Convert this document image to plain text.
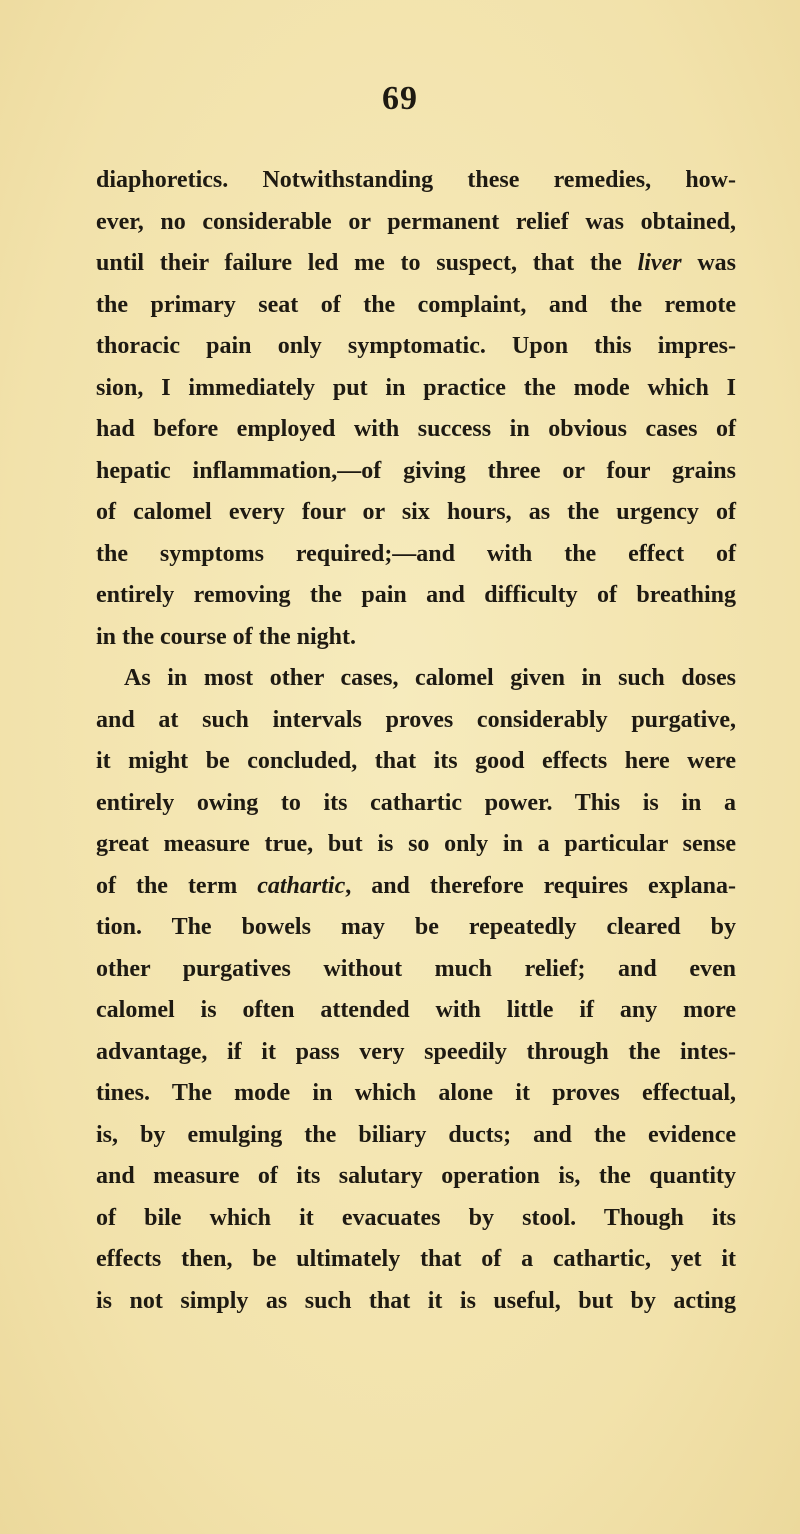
69
diaphoretics. Notwithstanding these remedies, how-
ever, no considerable or permanent relief was obtained,
until their failure led me to suspect, that the liver was
the primary seat of the complaint, and the remote
thoracic pain only symptomatic. Upon this impres-
sion, I immediately put in practice the mode which I
had before employed with success in obvious cases of
hepatic inflammation,—of giving three or four grains
of calomel every four or six hours, as the urgency of
the symptoms required;—and with the effect of
entirely removing the pain and difficulty of breathing
in the course of the night.
As in most other cases, calomel given in such doses
and at such intervals proves considerably purgative,
it might be concluded, that its good effects here were
entirely owing to its cathartic power. This is in a
great measure true, but is so only in a particular sense
of the term cathartic, and therefore requires explana-
tion. The bowels may be repeatedly cleared by
other purgatives without much relief; and even
calomel is often attended with little if any more
advantage, if it pass very speedily through the intes-
tines. The mode in which alone it proves effectual,
is, by emulging the biliary ducts; and the evidence
and measure of its salutary operation is, the quantity
of bile which it evacuates by stool. Though its
effects then, be ultimately that of a cathartic, yet it
is not simply as such that it is useful, but by acting
